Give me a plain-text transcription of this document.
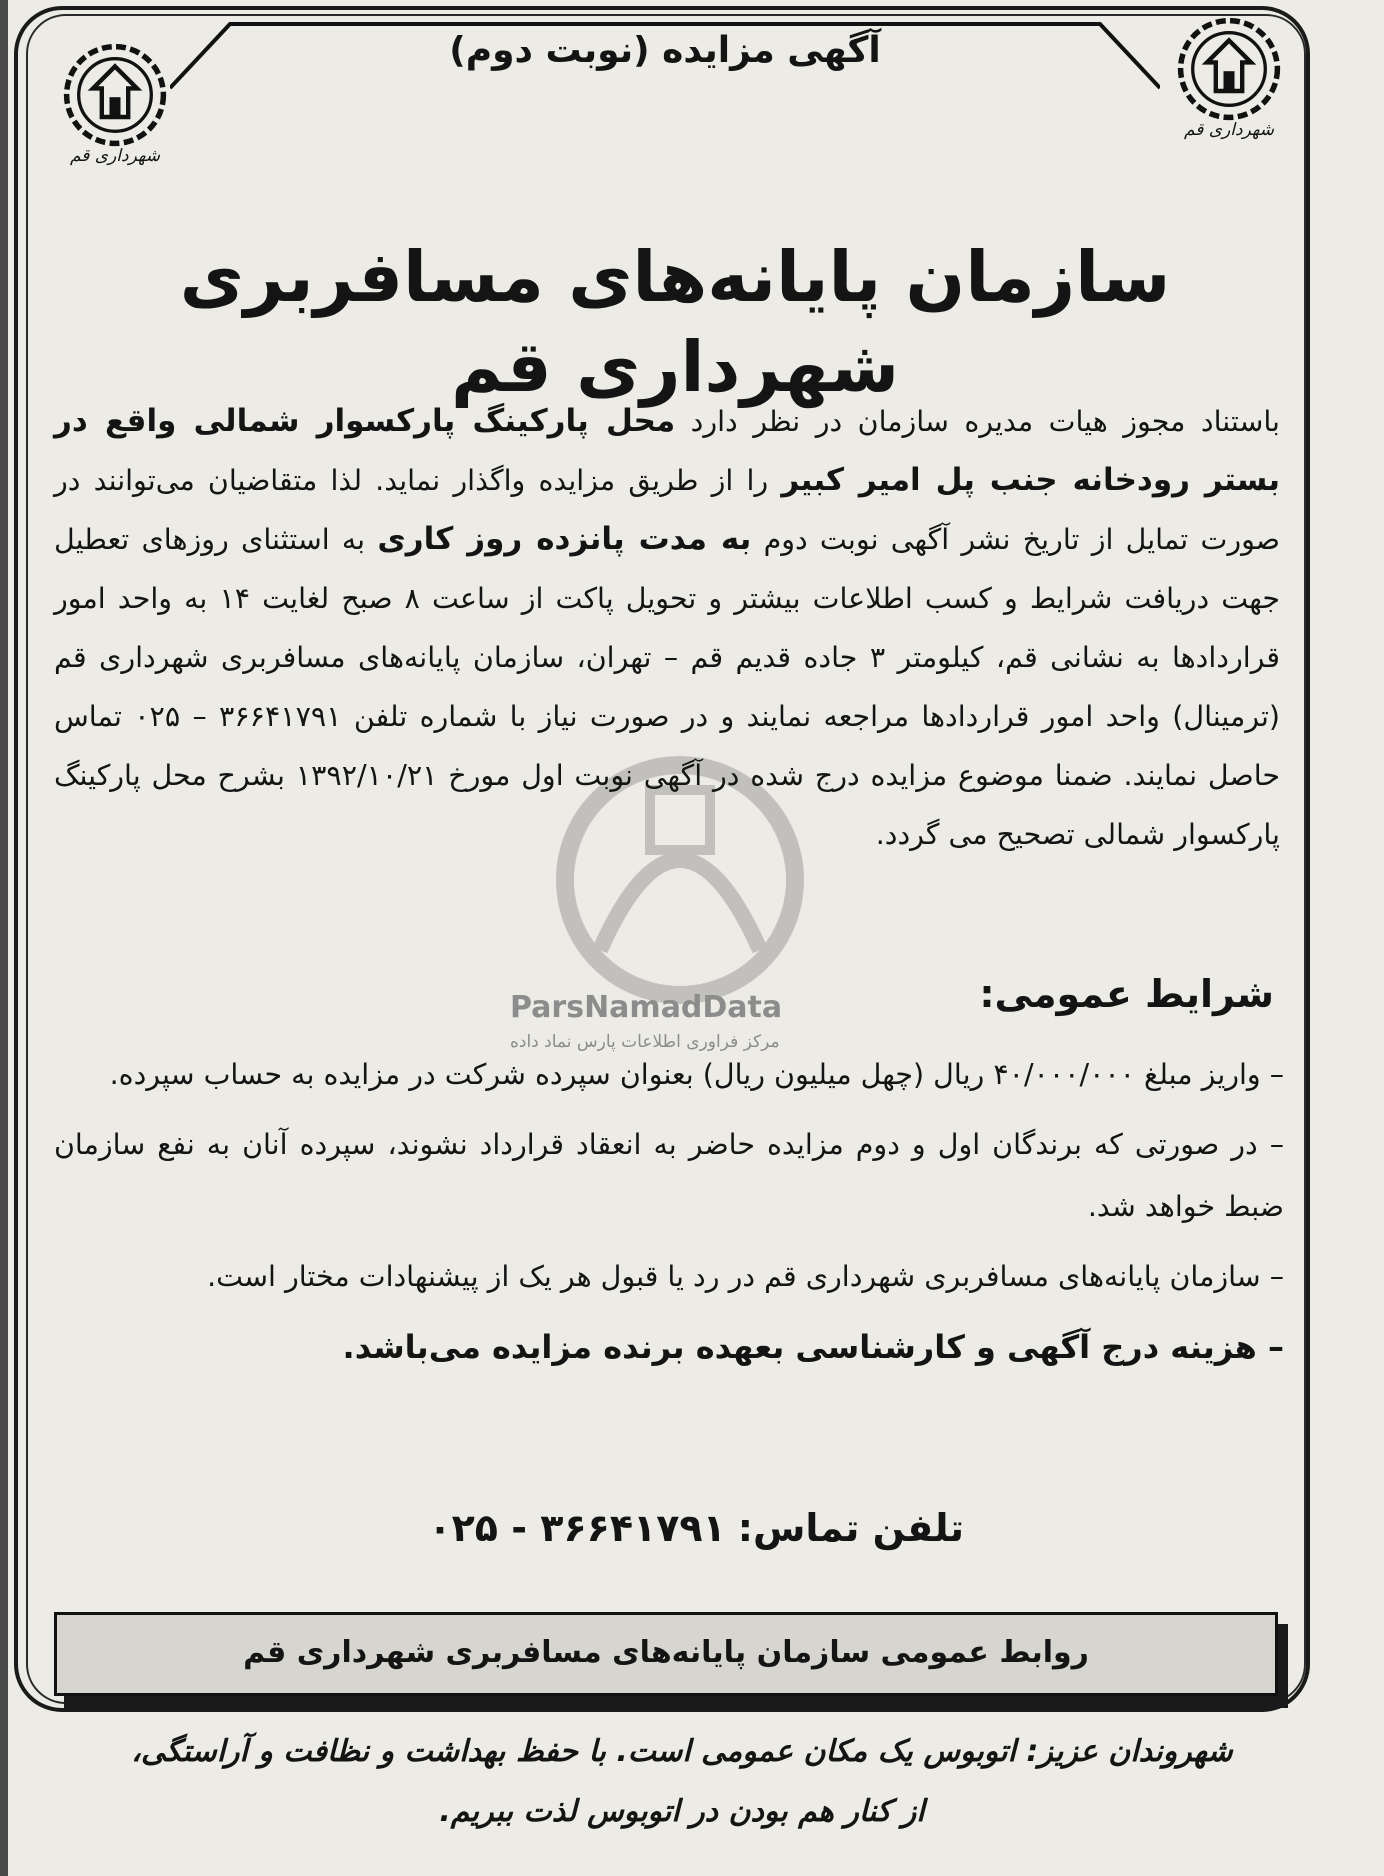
شهرداری قم
شهرداری قم
آگهی مزایده (نوبت دوم)
سازمان پایانه‌های مسافربری شهرداری قم
ParsNamadData
مرکز فراوری اطلاعات پارس نماد داده

باستناد مجوز هیات مدیره سازمان در نظر دارد محل پارکینگ پارکسوار شمالی واقع در بستر رودخانه جنب پل امیر کبیر را از طریق مزایده واگذار نماید. لذا متقاضیان می‌توانند در صورت تمایل از تاریخ نشر آگهی نوبت دوم به مدت پانزده روز کاری به استثنای روزهای تعطیل جهت دریافت شرایط و کسب اطلاعات بیشتر و تحویل پاکت از ساعت ۸ صبح لغایت ۱۴ به واحد امور قراردادها به نشانی قم، کیلومتر ۳ جاده قدیم قم – تهران، سازمان پایانه‌های مسافربری شهرداری قم (ترمینال) واحد امور قراردادها مراجعه نمایند و در صورت نیاز با شماره تلفن ۳۶۶۴۱۷۹۱ – ۰۲۵ تماس حاصل نمایند. ضمنا موضوع مزایده درج شده در آگهی نوبت اول مورخ ۱۳۹۲/۱۰/۲۱ بشرح محل پارکینگ پارکسوار شمالی تصحیح می گردد.

شرایط عمومی:

– واریز مبلغ ۴۰/۰۰۰/۰۰۰ ریال (چهل میلیون ریال) بعنوان سپرده شرکت در مزایده به حساب سپرده.

– در صورتی که برندگان اول و دوم مزایده حاضر به انعقاد قرارداد نشوند، سپرده آنان به نفع سازمان ضبط خواهد شد.

– سازمان پایانه‌های مسافربری شهرداری قم در رد یا قبول هر یک از پیشنهادات مختار است.

– هزینه درج آگهی و کارشناسی بعهده برنده مزایده می‌باشد.

تلفن تماس:۳۶۶۴۱۷۹۱ - ۰۲۵
روابط عمومی سازمان پایانه‌های مسافربری شهرداری قم
شهروندان عزیز: اتوبوس یک مکان عمومی است. با حفظ بهداشت و نظافت و آراستگی،
از کنار هم بودن در اتوبوس لذت ببریم.
